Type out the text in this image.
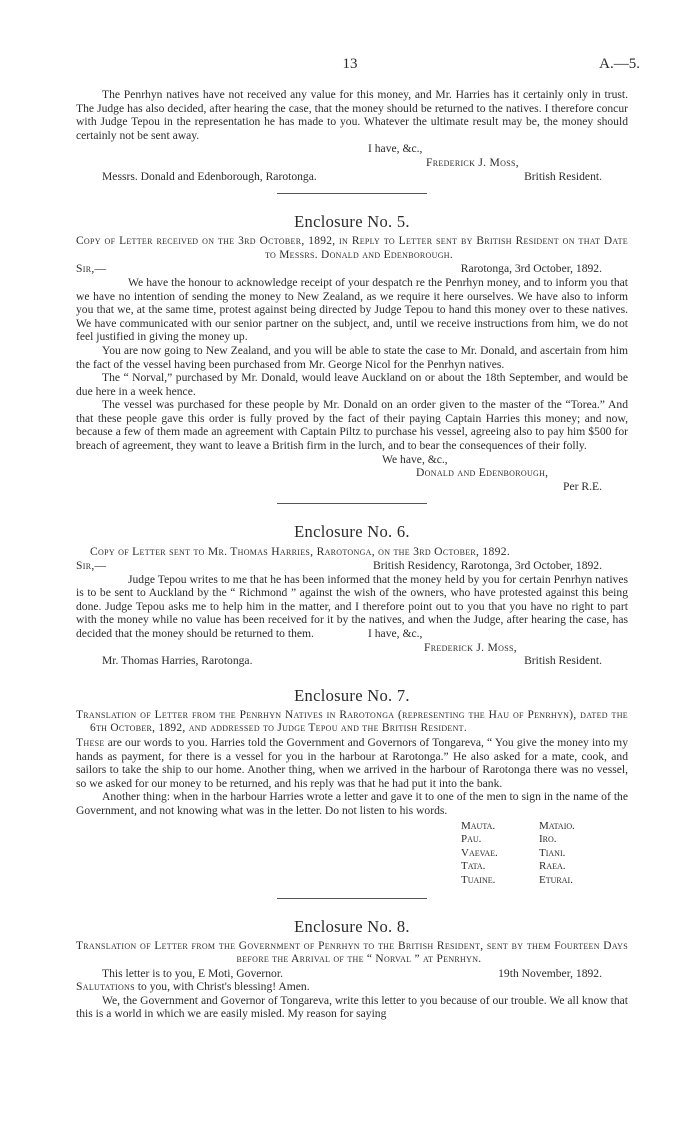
13	A.—5.

The Penrhyn natives have not received any value for this money, and Mr. Harries has it certainly only in trust. The Judge has also decided, after hearing the case, that the money should be returned to the natives. I therefore concur with Judge Tepou in the representation he has made to you. Whatever the ultimate result may be, the money should certainly not be sent away.

I have, &c.,
Frederick J. Moss,
Messrs. Donald and Edenborough, Rarotonga.	British Resident.
Enclosure No. 5.

Copy of Letter received on the 3rd October, 1892, in Reply to Letter sent by British Resident on that Date to Messrs. Donald and Edenborough.

Sir,—	Rarotonga, 3rd October, 1892.

We have the honour to acknowledge receipt of your despatch re the Penrhyn money, and to inform you that we have no intention of sending the money to New Zealand, as we require it here ourselves. We have also to inform you that we, at the same time, protest against being directed by Judge Tepou to hand this money over to these natives. We have communicated with our senior partner on the subject, and, until we receive instructions from him, we do not feel justified in giving the money up.

You are now going to New Zealand, and you will be able to state the case to Mr. Donald, and ascertain from him the fact of the vessel having been purchased from Mr. George Nicol for the Penrhyn natives.

The “ Norval,” purchased by Mr. Donald, would leave Auckland on or about the 18th September, and would be due here in a week hence.

The vessel was purchased for these people by Mr. Donald on an order given to the master of the “Torea.” And that these people gave this order is fully proved by the fact of their paying Captain Harries this money; and now, because a few of them made an agreement with Captain Piltz to purchase his vessel, agreeing also to pay him $500 for breach of agreement, they want to leave a British firm in the lurch, and to bear the consequences of their folly.

We have, &c.,
Donald and Edenborough,
Per R.E.
Enclosure No. 6.

Copy of Letter sent to Mr. Thomas Harries, Rarotonga, on the 3rd October, 1892.

Sir,—	British Residency, Rarotonga, 3rd October, 1892.

Judge Tepou writes to me that he has been informed that the money held by you for certain Penrhyn natives is to be sent to Auckland by the “ Richmond ” against the wish of the owners, who have protested against this being done. Judge Tepou asks me to help him in the matter, and I therefore point out to you that you have no right to part with the money while no value has been received for it by the natives, and when the Judge, after hearing the case, has decided that the money should be returned to them.	I have, &c.,
Frederick J. Moss,
Mr. Thomas Harries, Rarotonga.	British Resident.
Enclosure No. 7.

Translation of Letter from the Penrhyn Natives in Rarotonga (representing the Hau of Penrhyn), dated the 6th October, 1892, and addressed to Judge Tepou and the British Resident.

These are our words to you. Harries told the Government and Governors of Tongareva, “ You give the money into my hands as payment, for there is a vessel for you in the harbour at Rarotonga.” He also asked for a mate, cook, and sailors to take the ship to our home. Another thing, when we arrived in the harbour of Rarotonga there was no vessel, so we asked for our money to be returned, and his reply was that he had put it into the bank.

Another thing: when in the harbour Harries wrote a letter and gave it to one of the men to sign in the name of the Government, and not knowing what was in the letter. Do not listen to his words.

Mauta.	Mataio.
Pau.	Iro.
Vaevae.	Tiani.
Tata.	Raea.
Tuaine.	Eturai.
Enclosure No. 8.

Translation of Letter from the Government of Penrhyn to the British Resident, sent by them Fourteen Days before the Arrival of the “ Norval ” at Penrhyn.

This letter is to you, E Moti, Governor.	19th November, 1892.

Salutations to you, with Christ's blessing! Amen.

We, the Government and Governor of Tongareva, write this letter to you because of our trouble. We all know that this is a world in which we are easily misled. My reason for saying
